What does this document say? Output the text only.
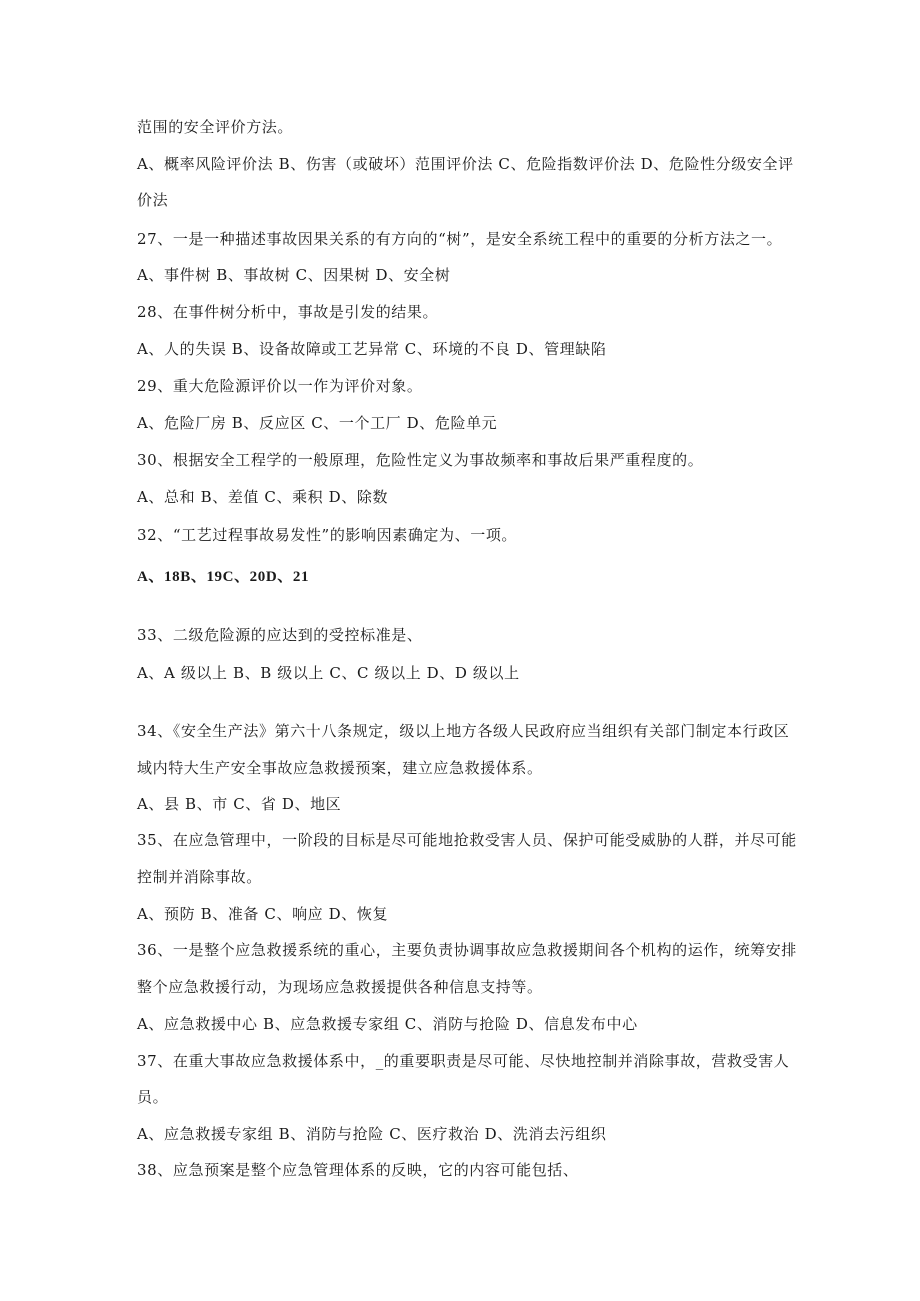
范围的安全评价方法。
A、概率风险评价法 B、伤害（或破坏）范围评价法 C、危险指数评价法 D、危险性分级安全评
价法
27、一是一种描述事故因果关系的有方向的“树”，是安全系统工程中的重要的分析方法之一。
A、事件树 B、事故树 C、因果树 D、安全树
28、在事件树分析中，事故是引发的结果。
A、人的失误 B、设备故障或工艺异常 C、环境的不良 D、管理缺陷
29、重大危险源评价以一作为评价对象。
A、危险厂房 B、反应区 C、一个工厂 D、危险单元
30、根据安全工程学的一般原理，危险性定义为事故频率和事故后果严重程度的。
A、总和 B、差值 C、乘积 D、除数
32、“工艺过程事故易发性”的影响因素确定为、一项。
A、18B、19C、20D、21
33、二级危险源的应达到的受控标准是、
A、A 级以上 B、B 级以上 C、C 级以上 D、D 级以上
34、《安全生产法》第六十八条规定，级以上地方各级人民政府应当组织有关部门制定本行政区
域内特大生产安全事故应急救援预案，建立应急救援体系。
A、县 B、市 C、省 D、地区
35、在应急管理中，一阶段的目标是尽可能地抢救受害人员、保护可能受威胁的人群，并尽可能
控制并消除事故。
A、预防 B、准备 C、响应 D、恢复
36、一是整个应急救援系统的重心，主要负责协调事故应急救援期间各个机构的运作，统筹安排
整个应急救援行动，为现场应急救援提供各种信息支持等。
A、应急救援中心 B、应急救援专家组 C、消防与抢险 D、信息发布中心
37、在重大事故应急救援体系中，_的重要职责是尽可能、尽快地控制并消除事故，营救受害人
员。
A、应急救援专家组 B、消防与抢险 C、医疗救治 D、洗消去污组织
38、应急预案是整个应急管理体系的反映，它的内容可能包括、
